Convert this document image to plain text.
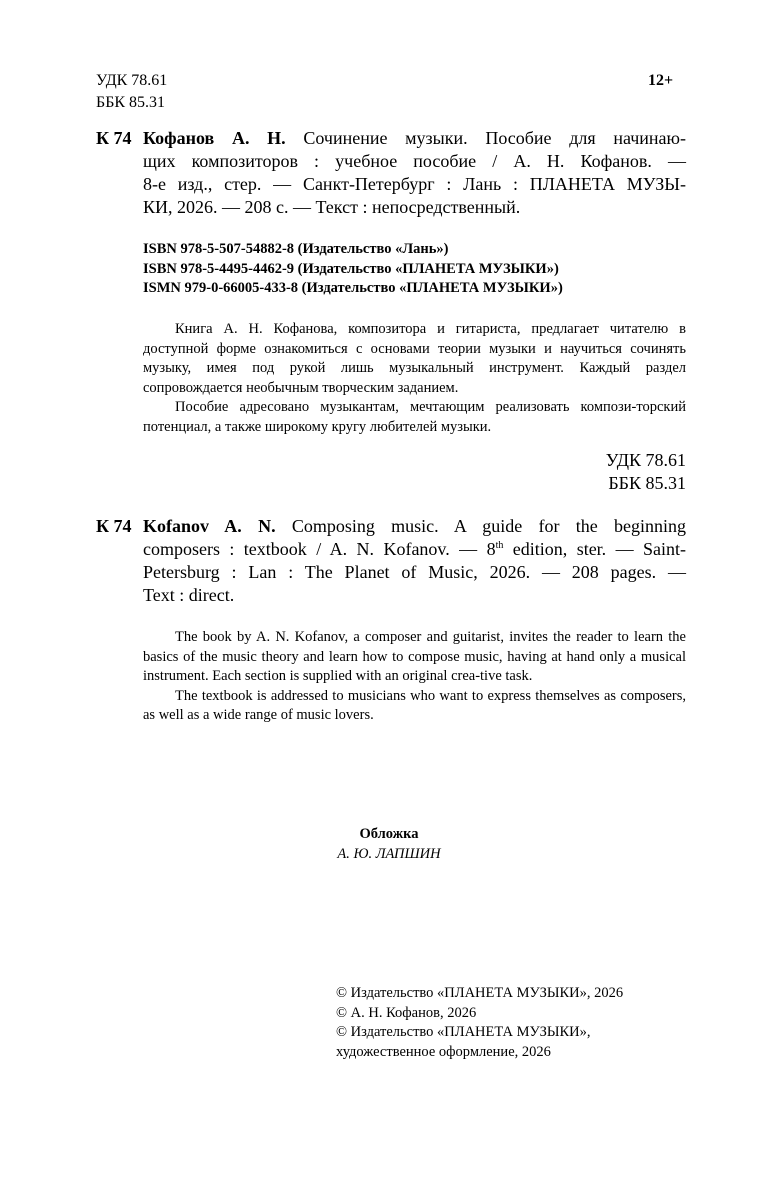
УДК 78.61
ББК 85.31
12+
К 74 Кофанов А. Н. Сочинение музыки. Пособие для начинаю-
щих композиторов : учебное пособие / А. Н. Кофанов. —
8-е изд., стер. — Санкт-Петербург : Лань : ПЛАНЕТА МУЗЫ-
КИ, 2026. — 208 с. — Текст : непосредственный.
ISBN 978-5-507-54882-8 (Издательство «Лань»)
ISBN 978-5-4495-4462-9 (Издательство «ПЛАНЕТА МУЗЫКИ»)
ISMN 979-0-66005-433-8 (Издательство «ПЛАНЕТА МУЗЫКИ»)

Книга А. Н. Кофанова, композитора и гитариста, предлагает читателю в доступной форме ознакомиться с основами теории музыки и научиться сочинять музыку, имея под рукой лишь музыкальный инструмент. Каждый раздел сопровождается необычным творческим заданием.

Пособие адресовано музыкантам, мечтающим реализовать компози-торский потенциал, а также широкому кругу любителей музыки.

УДК 78.61
ББК 85.31
К 74 Kofanov A. N. Composing music. A guide for the beginning
composers : textbook / A. N. Kofanov. — 8th edition, ster. — Saint-
Petersburg : Lan : The Planet of Music, 2026. — 208 pages. —
Text : direct.

The book by A. N. Kofanov, a composer and guitarist, invites the reader to learn the basics of the music theory and learn how to compose music, having at hand only a musical instrument. Each section is supplied with an original crea-tive task.

The textbook is addressed to musicians who want to express themselves as composers, as well as a wide range of music lovers.

Обложка
А. Ю. ЛАПШИН
© Издательство «ПЛАНЕТА МУЗЫКИ», 2026
© А. Н. Кофанов, 2026
© Издательство «ПЛАНЕТА МУЗЫКИ»,
художественное оформление, 2026
